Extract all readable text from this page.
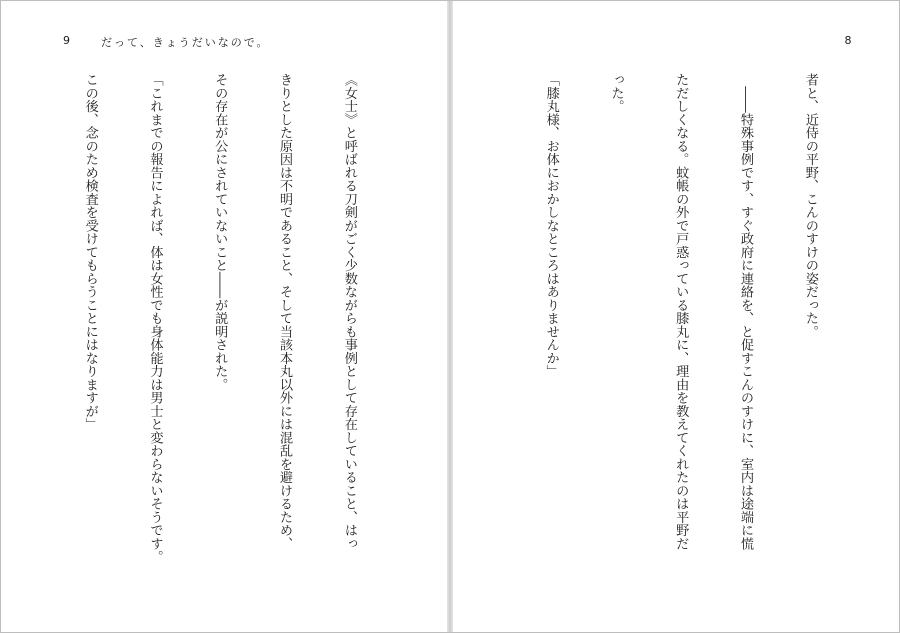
9	だって、きょうだいなので。

《女士》と呼ばれる刀剣がごく少数ながらも事例として存在していること、はっ

きりとした原因は不明であること、そして当該本丸以外には混乱を避けるため、

その存在が公にされていないこと――が説明された。

「これまでの報告によれば、体は女性でも身体能力は男士と変わらないそうです。

この後、念のため検査を受けてもらうことにはなりますが」

8

者と、近侍の平野、こんのすけの姿だった。

　――特殊事例です、すぐ政府に連絡を、と促すこんのすけに、室内は途端に慌

ただしくなる。蚊帳の外で戸惑っている膝丸に、理由を教えてくれたのは平野だ

った。

「膝丸様、お体におかしなところはありませんか」
